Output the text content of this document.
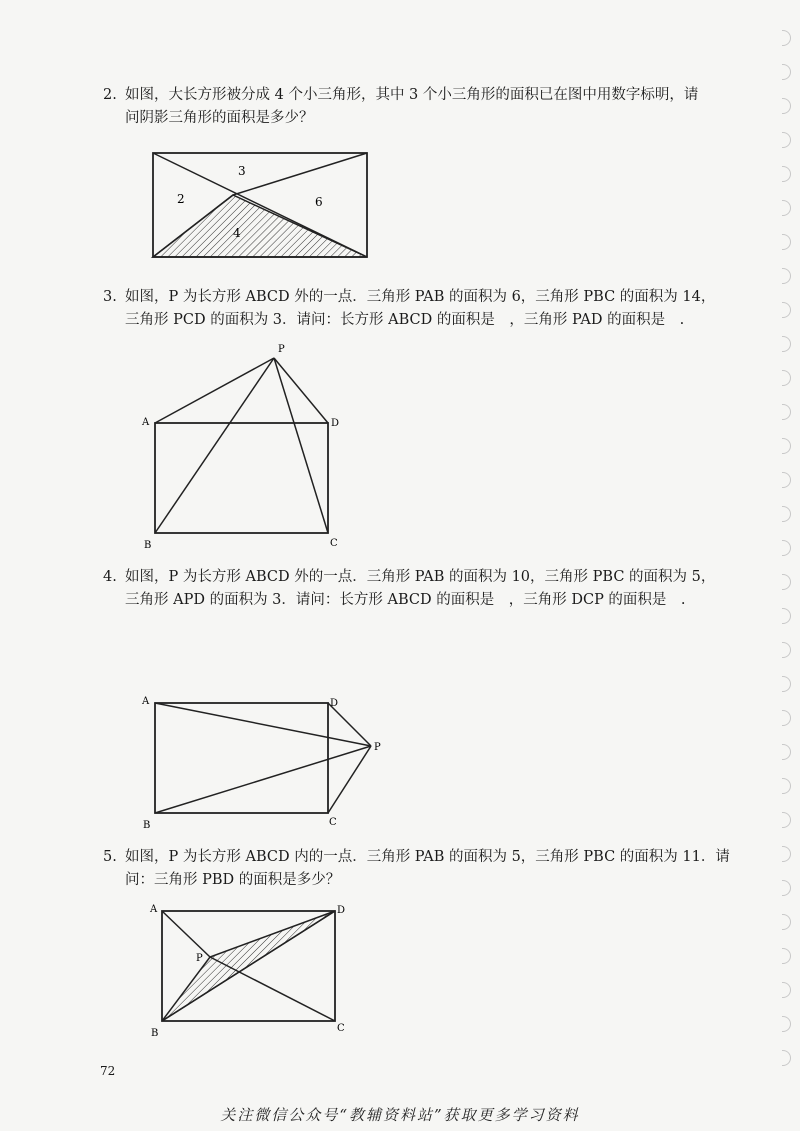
2. 如图，大长方形被分成 4 个小三角形，其中 3 个小三角形的面积已在图中用数字标明，请
问阴影三角形的面积是多少？
3
2	6
4
3. 如图，P 为长方形 ABCD 外的一点．三角形 PAB 的面积为 6，三角形 PBC 的面积为 14，
三角形 PCD 的面积为 3．请问：长方形 ABCD 的面积是　，三角形 PAD 的面积是　.
P
A	D
B	C
4. 如图，P 为长方形 ABCD 外的一点．三角形 PAB 的面积为 10，三角形 PBC 的面积为 5，
三角形 APD 的面积为 3．请问：长方形 ABCD 的面积是　，三角形 DCP 的面积是　.
A	D
P
B	C
5. 如图，P 为长方形 ABCD 内的一点．三角形 PAB 的面积为 5，三角形 PBC 的面积为 11．请
问：三角形 PBD 的面积是多少？
A	D
P
B	C
72
关注微信公众号“教辅资料站”获取更多学习资料
